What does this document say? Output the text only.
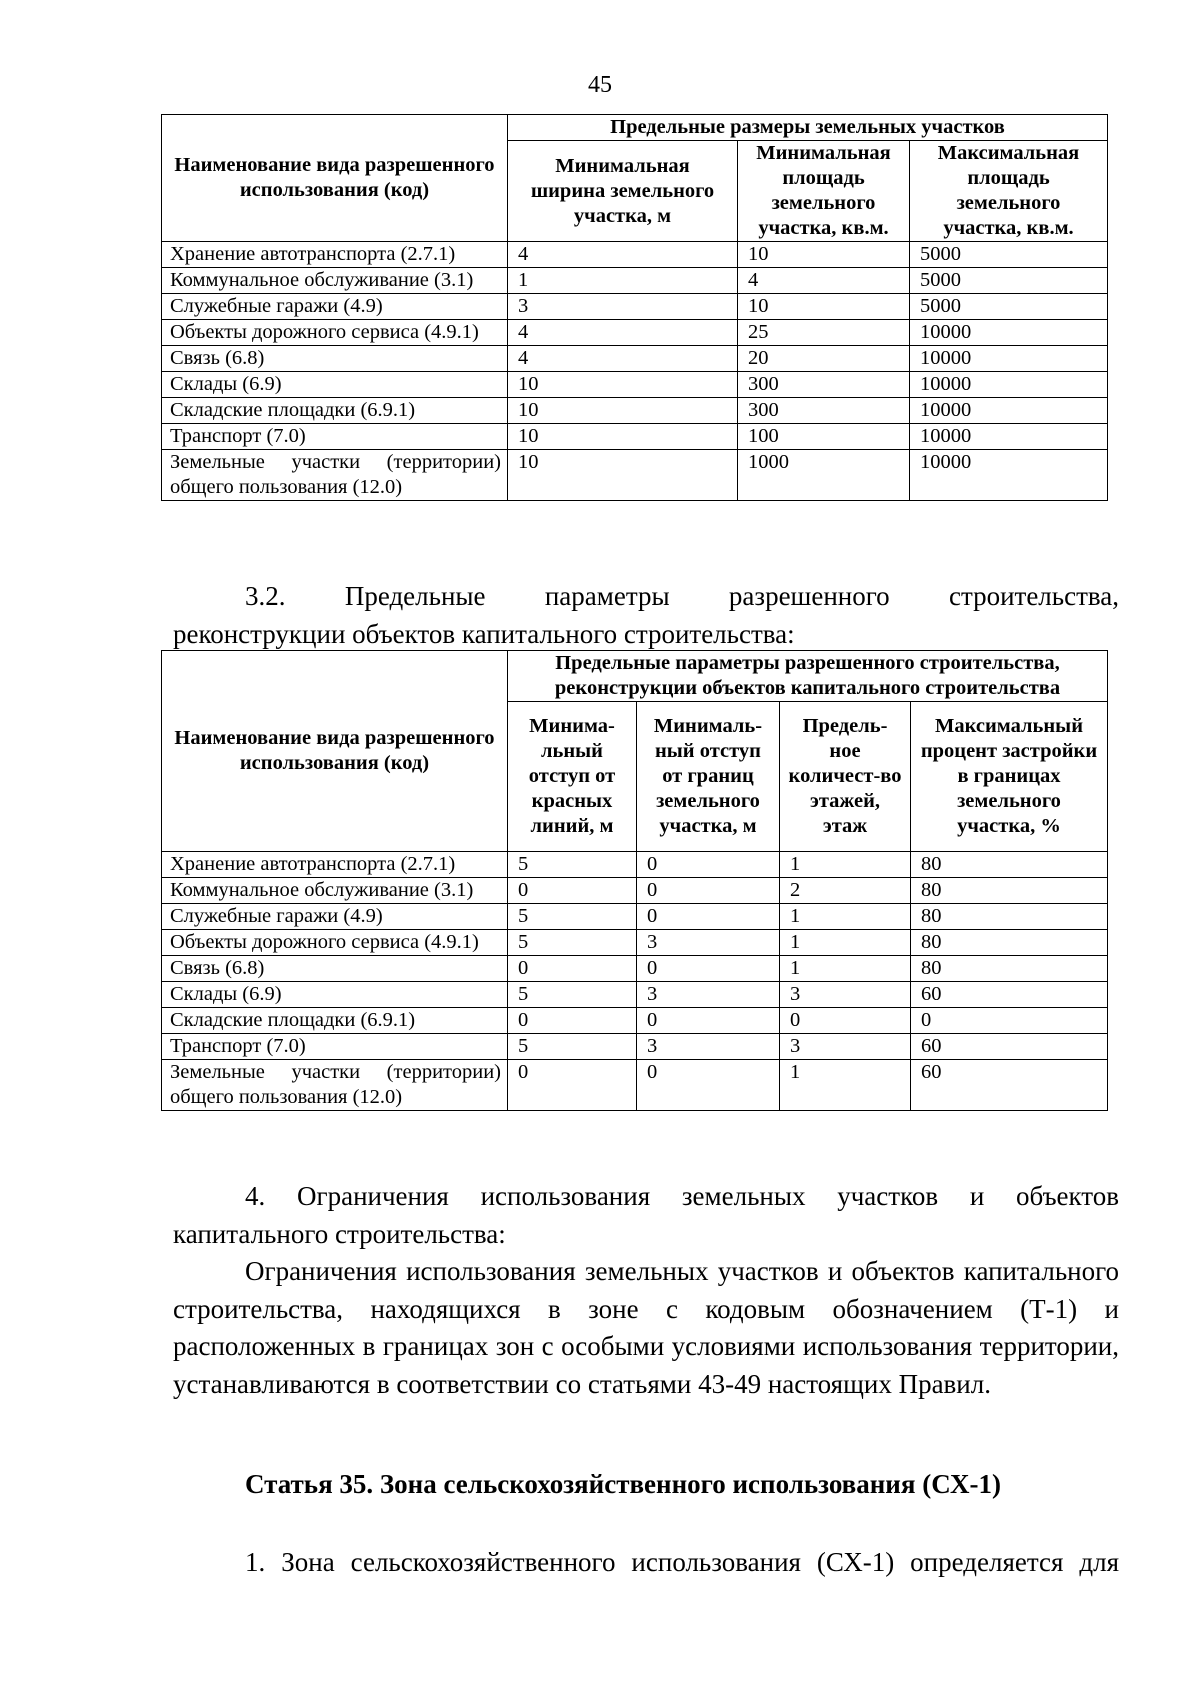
45
Наименование вида разрешенного использования (код)	Предельные размеры земельных участков		
	Минимальная ширина земельного участка, м	Минимальная площадь земельного участка, кв.м.	Максимальная площадь земельного участка, кв.м.
Хранение автотранспорта (2.7.1)	4	10	5000
Коммунальное обслуживание (3.1)	1	4	5000
Служебные гаражи (4.9)	3	10	5000
Объекты дорожного сервиса (4.9.1)	4	25	10000
Связь (6.8)	4	20	10000
Склады (6.9)	10	300	10000
Складские площадки (6.9.1)	10	300	10000
Транспорт (7.0)	10	100	10000
Земельные участки (территории) общего пользования (12.0)	10	1000	10000
3.2. Предельные параметры разрешенного строительства,
реконструкции объектов капитального строительства:
Наименование вида разрешенного использования (код)	Предельные параметры разрешенного строительства, реконструкции объектов капитального строительства			
	Минима-льный отступ от красных линий, м	Минималь-ный отступ от границ земельного участка, м	Предель-ное количест-во этажей, этаж	Максимальный процент застройки в границах земельного участка, %
Хранение автотранспорта (2.7.1)	5	0	1	80
Коммунальное обслуживание (3.1)	0	0	2	80
Служебные гаражи (4.9)	5	0	1	80
Объекты дорожного сервиса (4.9.1)	5	3	1	80
Связь (6.8)	0	0	1	80
Склады (6.9)	5	3	3	60
Складские площадки (6.9.1)	0	0	0	0
Транспорт (7.0)	5	3	3	60
Земельные участки (территории) общего пользования (12.0)	0	0	1	60
4. Ограничения использования земельных участков и объектов
капитального строительства:
Ограничения использования земельных участков и объектов капитального строительства, находящихся в зоне с кодовым обозначением (Т-1) и расположенных в границах зон с особыми условиями использования территории, устанавливаются в соответствии со статьями 43-49 настоящих Правил.
Статья 35. Зона сельскохозяйственного использования (СХ-1)
1. Зона сельскохозяйственного использования (СХ-1) определяется для
